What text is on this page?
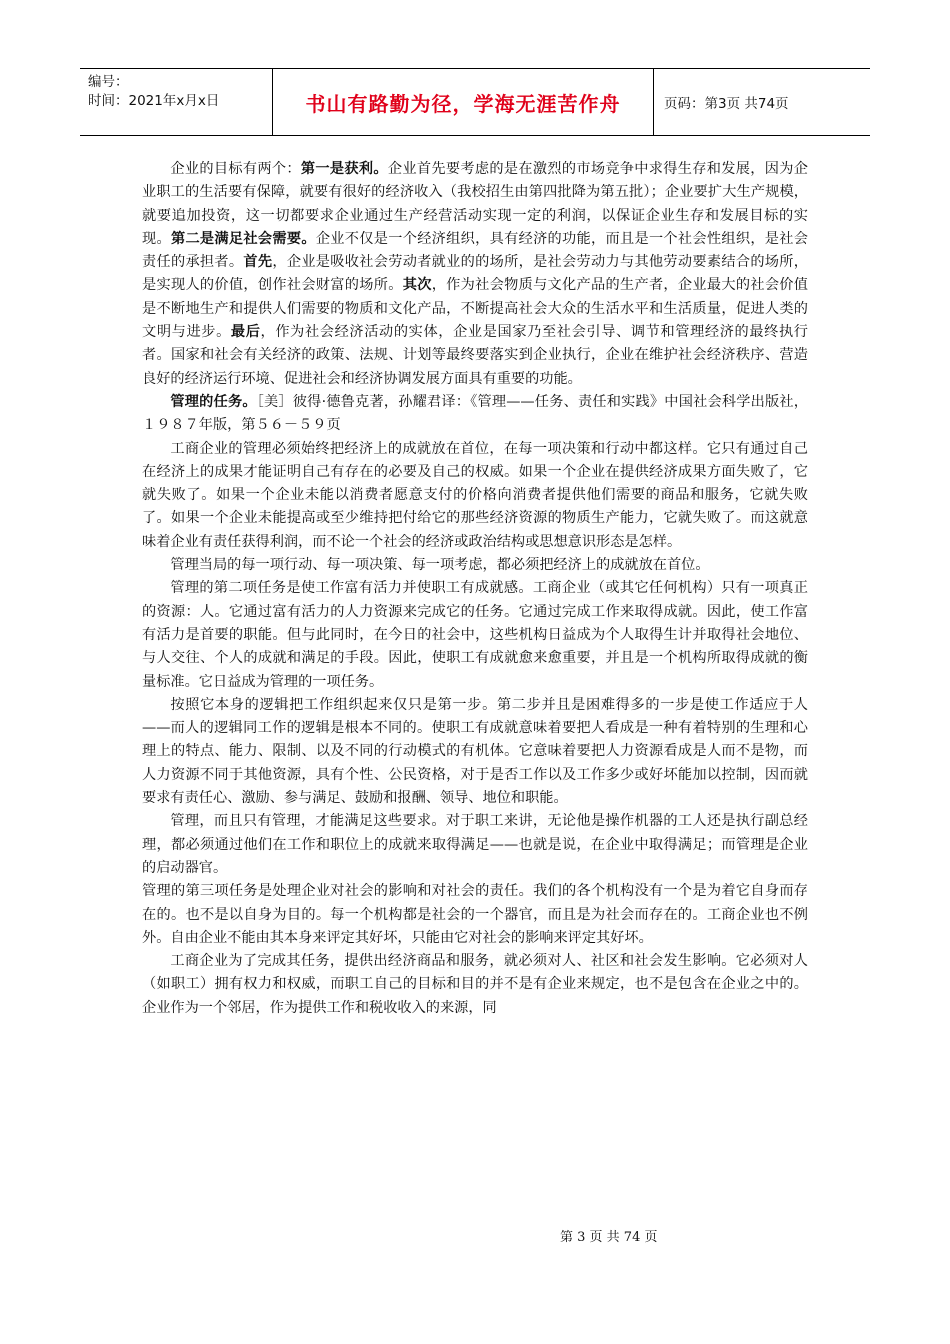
编号：
时间：2021年x月x日	书山有路勤为径，学海无涯苦作舟	页码：第3页 共74页

企业的目标有两个：第一是获利。企业首先要考虑的是在激烈的市场竞争中求得生存和发展，因为企业职工的生活要有保障，就要有很好的经济收入（我校招生由第四批降为第五批）；企业要扩大生产规模，就要追加投资，这一切都要求企业通过生产经营活动实现一定的利润，以保证企业生存和发展目标的实现。第二是满足社会需要。企业不仅是一个经济组织，具有经济的功能，而且是一个社会性组织，是社会责任的承担者。首先，企业是吸收社会劳动者就业的的场所，是社会劳动力与其他劳动要素结合的场所，是实现人的价值，创作社会财富的场所。其次，作为社会物质与文化产品的生产者，企业最大的社会价值是不断地生产和提供人们需要的物质和文化产品，不断提高社会大众的生活水平和生活质量，促进人类的文明与进步。最后，作为社会经济活动的实体，企业是国家乃至社会引导、调节和管理经济的最终执行者。国家和社会有关经济的政策、法规、计划等最终要落实到企业执行，企业在维护社会经济秩序、营造良好的经济运行环境、促进社会和经济协调发展方面具有重要的功能。

管理的任务。［美］彼得·德鲁克著，孙耀君译：《管理——任务、责任和实践》中国社会科学出版社，１９８７年版，第５６－５９页

工商企业的管理必须始终把经济上的成就放在首位，在每一项决策和行动中都这样。它只有通过自己在经济上的成果才能证明自己有存在的必要及自己的权威。如果一个企业在提供经济成果方面失败了，它就失败了。如果一个企业未能以消费者愿意支付的价格向消费者提供他们需要的商品和服务，它就失败了。如果一个企业未能提高或至少维持把付给它的那些经济资源的物质生产能力，它就失败了。而这就意味着企业有责任获得利润，而不论一个社会的经济或政治结构或思想意识形态是怎样。

管理当局的每一项行动、每一项决策、每一项考虑，都必须把经济上的成就放在首位。

管理的第二项任务是使工作富有活力并使职工有成就感。工商企业（或其它任何机构）只有一项真正的资源：人。它通过富有活力的人力资源来完成它的任务。它通过完成工作来取得成就。因此，使工作富有活力是首要的职能。但与此同时，在今日的社会中，这些机构日益成为个人取得生计并取得社会地位、与人交往、个人的成就和满足的手段。因此，使职工有成就愈来愈重要，并且是一个机构所取得成就的衡量标准。它日益成为管理的一项任务。

按照它本身的逻辑把工作组织起来仅只是第一步。第二步并且是困难得多的一步是使工作适应于人——而人的逻辑同工作的逻辑是根本不同的。使职工有成就意味着要把人看成是一种有着特别的生理和心理上的特点、能力、限制、以及不同的行动模式的有机体。它意味着要把人力资源看成是人而不是物，而人力资源不同于其他资源，具有个性、公民资格，对于是否工作以及工作多少或好坏能加以控制，因而就要求有责任心、激励、参与满足、鼓励和报酬、领导、地位和职能。

管理，而且只有管理，才能满足这些要求。对于职工来讲，无论他是操作机器的工人还是执行副总经理，都必须通过他们在工作和职位上的成就来取得满足——也就是说，在企业中取得满足；而管理是企业的启动器官。

管理的第三项任务是处理企业对社会的影响和对社会的责任。我们的各个机构没有一个是为着它自身而存在的。也不是以自身为目的。每一个机构都是社会的一个器官，而且是为社会而存在的。工商企业也不例外。自由企业不能由其本身来评定其好坏，只能由它对社会的影响来评定其好坏。

工商企业为了完成其任务，提供出经济商品和服务，就必须对人、社区和社会发生影响。它必须对人（如职工）拥有权力和权威，而职工自己的目标和目的并不是有企业来规定，也不是包含在企业之中的。企业作为一个邻居，作为提供工作和税收收入的来源，同

第 3 页 共 74 页
